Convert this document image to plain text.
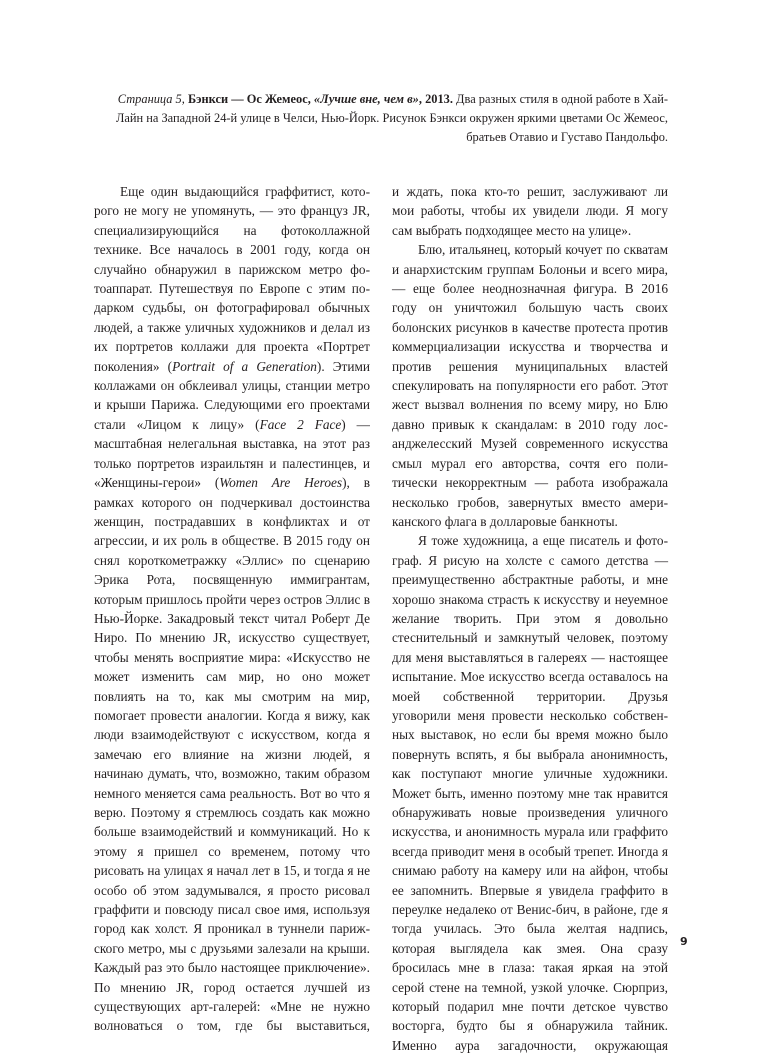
Страница 5, Бэнкси — Ос Жемеос, «Лучше вне, чем в», 2013. Два разных стиля в одной работе в Хай-Лайн на Западной 24-й улице в Челси, Нью-Йорк. Рисунок Бэнкси окружен яркими цветами Ос Жемеос, братьев Отавио и Густаво Пандольфо.

Еще один выдающийся граффитист, которого не могу не упомянуть, — это француз JR, специализирующийся на фотоколлажной технике. Все началось в 2001 году, когда он случайно обнаружил в парижском метро фотоаппарат. Путешествуя по Европе с этим подарком судьбы, он фотографировал обычных людей, а также уличных художников и делал из их портретов коллажи для проекта «Портрет поколения» (Portrait of a Generation). Этими коллажами он обклеивал улицы, станции метро и крыши Парижа. Следующими его проектами стали «Лицом к лицу» (Face 2 Face) — масштабная нелегальная выставка, на этот раз только портретов израильтян и палестинцев, и «Женщины-герои» (Women Are Heroes), в рамках которого он подчеркивал достоинства женщин, пострадавших в конфликтах и от агрессии, и их роль в обществе. В 2015 году он снял короткометражку «Эллис» по сценарию Эрика Рота, посвященную иммигрантам, которым пришлось пройти через остров Эллис в Нью-Йорке. Закадровый текст читал Роберт Де Ниро. По мнению JR, искусство существует, чтобы менять восприятие мира: «Искусство не может изменить сам мир, но оно может повлиять на то, как мы смотрим на мир, помогает провести аналогии. Когда я вижу, как люди взаимодействуют с искусством, когда я замечаю его влияние на жизни людей, я начинаю думать, что, возможно, таким образом немного меняется сама реальность. Вот во что я верю. Поэтому я стремлюсь создать как можно больше взаимодействий и коммуникаций. Но к этому я пришел со временем, потому что рисовать на улицах я начал лет в 15, и тогда я не особо об этом задумывался, я просто рисовал граффити и повсюду писал свое имя, используя город как холст. Я проникал в туннели парижского метро, мы с друзьями залезали на крыши. Каждый раз это было настоящее приключение». По мнению JR, город остается лучшей из существующих арт-галерей: «Мне не нужно волноваться о том, где бы выставиться,

и ждать, пока кто-то решит, заслуживают ли мои работы, чтобы их увидели люди. Я могу сам выбрать подходящее место на улице».

Блю, итальянец, который кочует по скватам и анархистским группам Болоньи и всего мира, — еще более неоднозначная фигура. В 2016 году он уничтожил большую часть своих болонских рисунков в качестве протеста против коммерциализации искусства и творчества и против решения муниципальных властей спекулировать на популярности его работ. Этот жест вызвал волнения по всему миру, но Блю давно привык к скандалам: в 2010 году лос-анджелесский Музей современного искусства смыл мурал его авторства, сочтя его политически некорректным — работа изображала несколько гробов, завернутых вместо американского флага в долларовые банкноты.

Я тоже художница, а еще писатель и фотограф. Я рисую на холсте с самого детства — преимущественно абстрактные работы, и мне хорошо знакома страсть к искусству и неуемное желание творить. При этом я довольно стеснительный и замкнутый человек, поэтому для меня выставляться в галереях — настоящее испытание. Мое искусство всегда оставалось на моей собственной территории. Друзья уговорили меня провести несколько собственных выставок, но если бы время можно было повернуть вспять, я бы выбрала анонимность, как поступают многие уличные художники. Может быть, именно поэтому мне так нравится обнаруживать новые произведения уличного искусства, и анонимность мурала или граффито всегда приводит меня в особый трепет. Иногда я снимаю работу на камеру или на айфон, чтобы ее запомнить. Впервые я увидела граффито в переулке недалеко от Венис-бич, в районе, где я тогда училась. Это была желтая надпись, которая выглядела как змея. Она сразу бросилась мне в глаза: такая яркая на этой серой стене на темной, узкой улочке. Сюрприз, который подарил мне почти детское чувство восторга, будто бы я обнаружила тайник. Именно аура загадочности, окружающая

9
